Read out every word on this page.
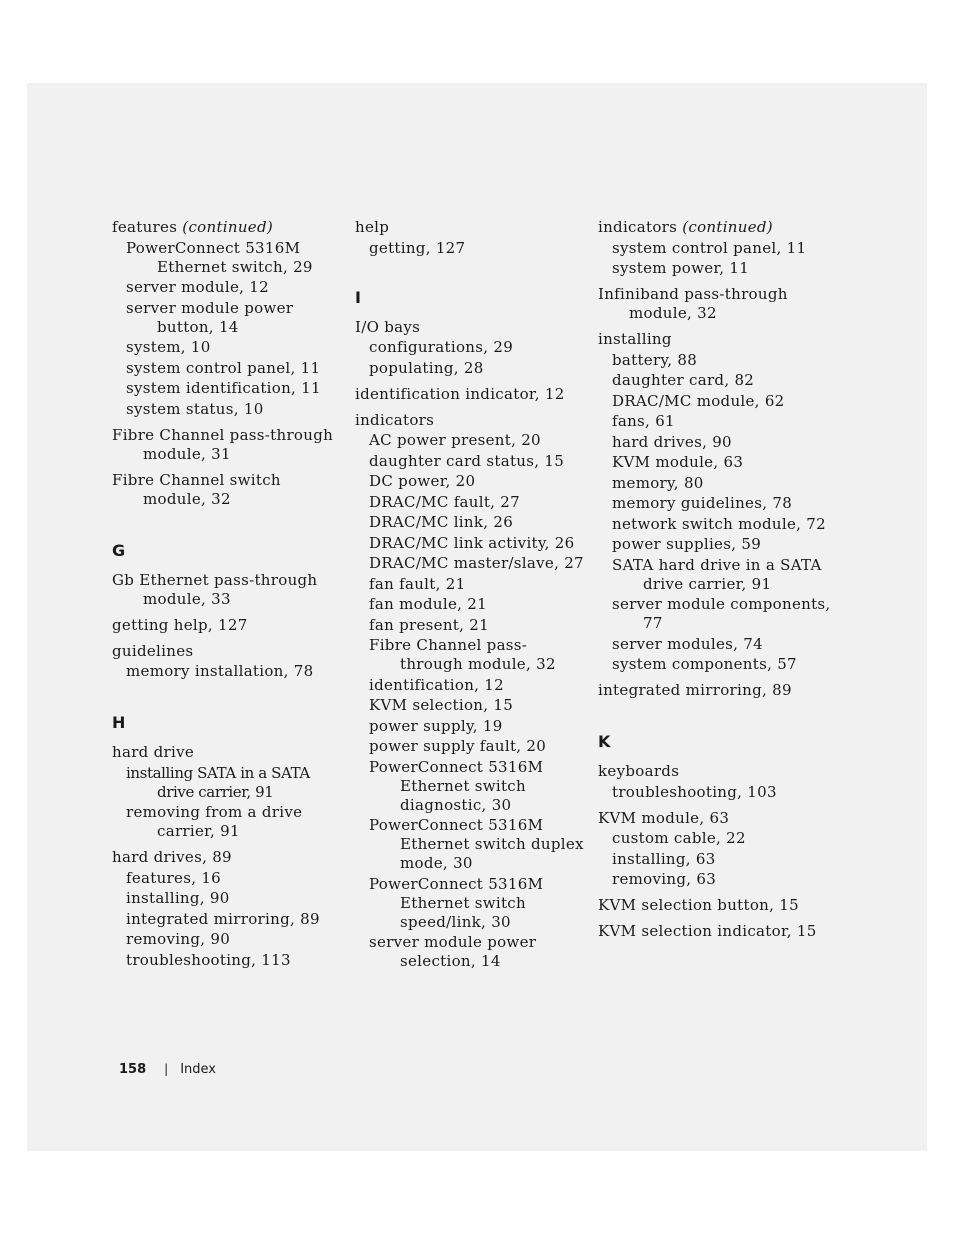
features (continued)
PowerConnect 5316M Ethernet switch, 29
server module, 12
server module power button, 14
system, 10
system control panel, 11
system identification, 11
system status, 10
Fibre Channel pass-through module, 31
Fibre Channel switch module, 32
G
Gb Ethernet pass-through module, 33
getting help, 127
guidelines
memory installation, 78
H
hard drive
installing SATA in a SATA drive carrier, 91
removing from a drive carrier, 91
hard drives, 89
features, 16
installing, 90
integrated mirroring, 89
removing, 90
troubleshooting, 113
help
getting, 127
I
I/O bays
configurations, 29
populating, 28
identification indicator, 12
indicators
AC power present, 20
daughter card status, 15
DC power, 20
DRAC/MC fault, 27
DRAC/MC link, 26
DRAC/MC link activity, 26
DRAC/MC master/slave, 27
fan fault, 21
fan module, 21
fan present, 21
Fibre Channel pass-through module, 32
identification, 12
KVM selection, 15
power supply, 19
power supply fault, 20
PowerConnect 5316M Ethernet switch diagnostic, 30
PowerConnect 5316M Ethernet switch duplex mode, 30
PowerConnect 5316M Ethernet switch speed/link, 30
server module power selection, 14
indicators (continued)
system control panel, 11
system power, 11
Infiniband pass-through module, 32
installing
battery, 88
daughter card, 82
DRAC/MC module, 62
fans, 61
hard drives, 90
KVM module, 63
memory, 80
memory guidelines, 78
network switch module, 72
power supplies, 59
SATA hard drive in a SATA drive carrier, 91
server module components, 77
server modules, 74
system components, 57
integrated mirroring, 89
K
keyboards
troubleshooting, 103
KVM module, 63
custom cable, 22
installing, 63
removing, 63
KVM selection button, 15
KVM selection indicator, 15
158 | Index
